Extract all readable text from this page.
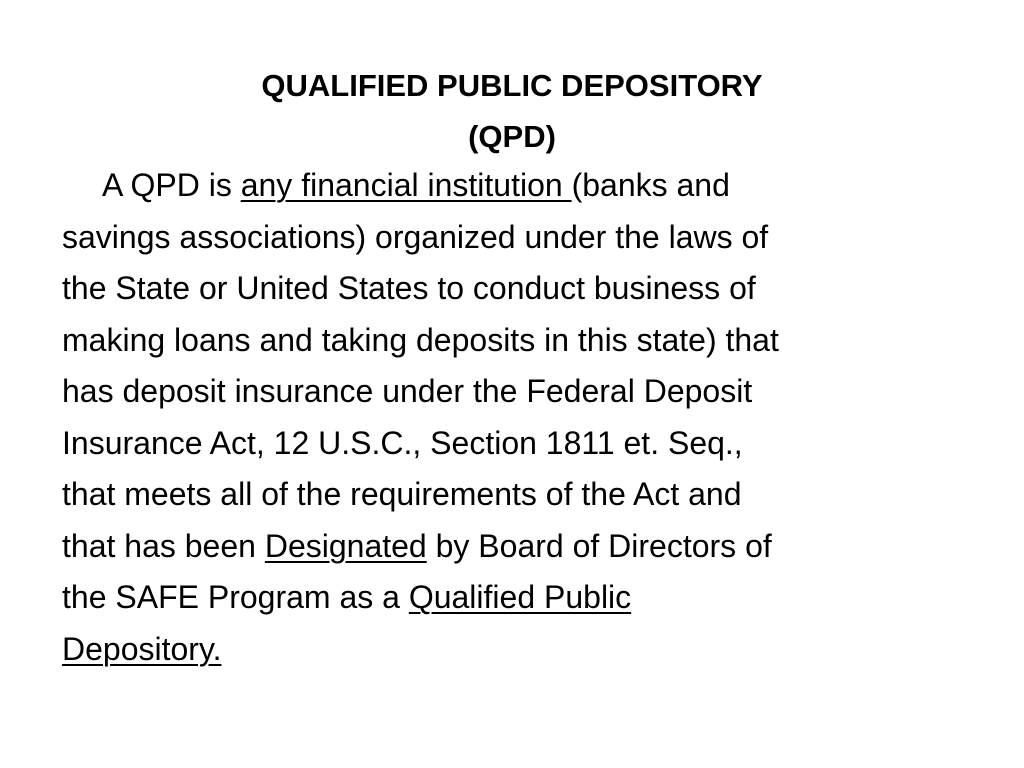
QUALIFIED PUBLIC DEPOSITORY
(QPD)
A QPD is any financial institution (banks and
savings associations) organized under the laws of
the State or United States to conduct business of
making loans and taking deposits in this state) that
has deposit insurance under the Federal Deposit
Insurance Act, 12 U.S.C., Section 1811 et. Seq.,
that meets all of the requirements of the Act and
that has been Designated by Board of Directors of
the SAFE Program as a Qualified Public
Depository.
